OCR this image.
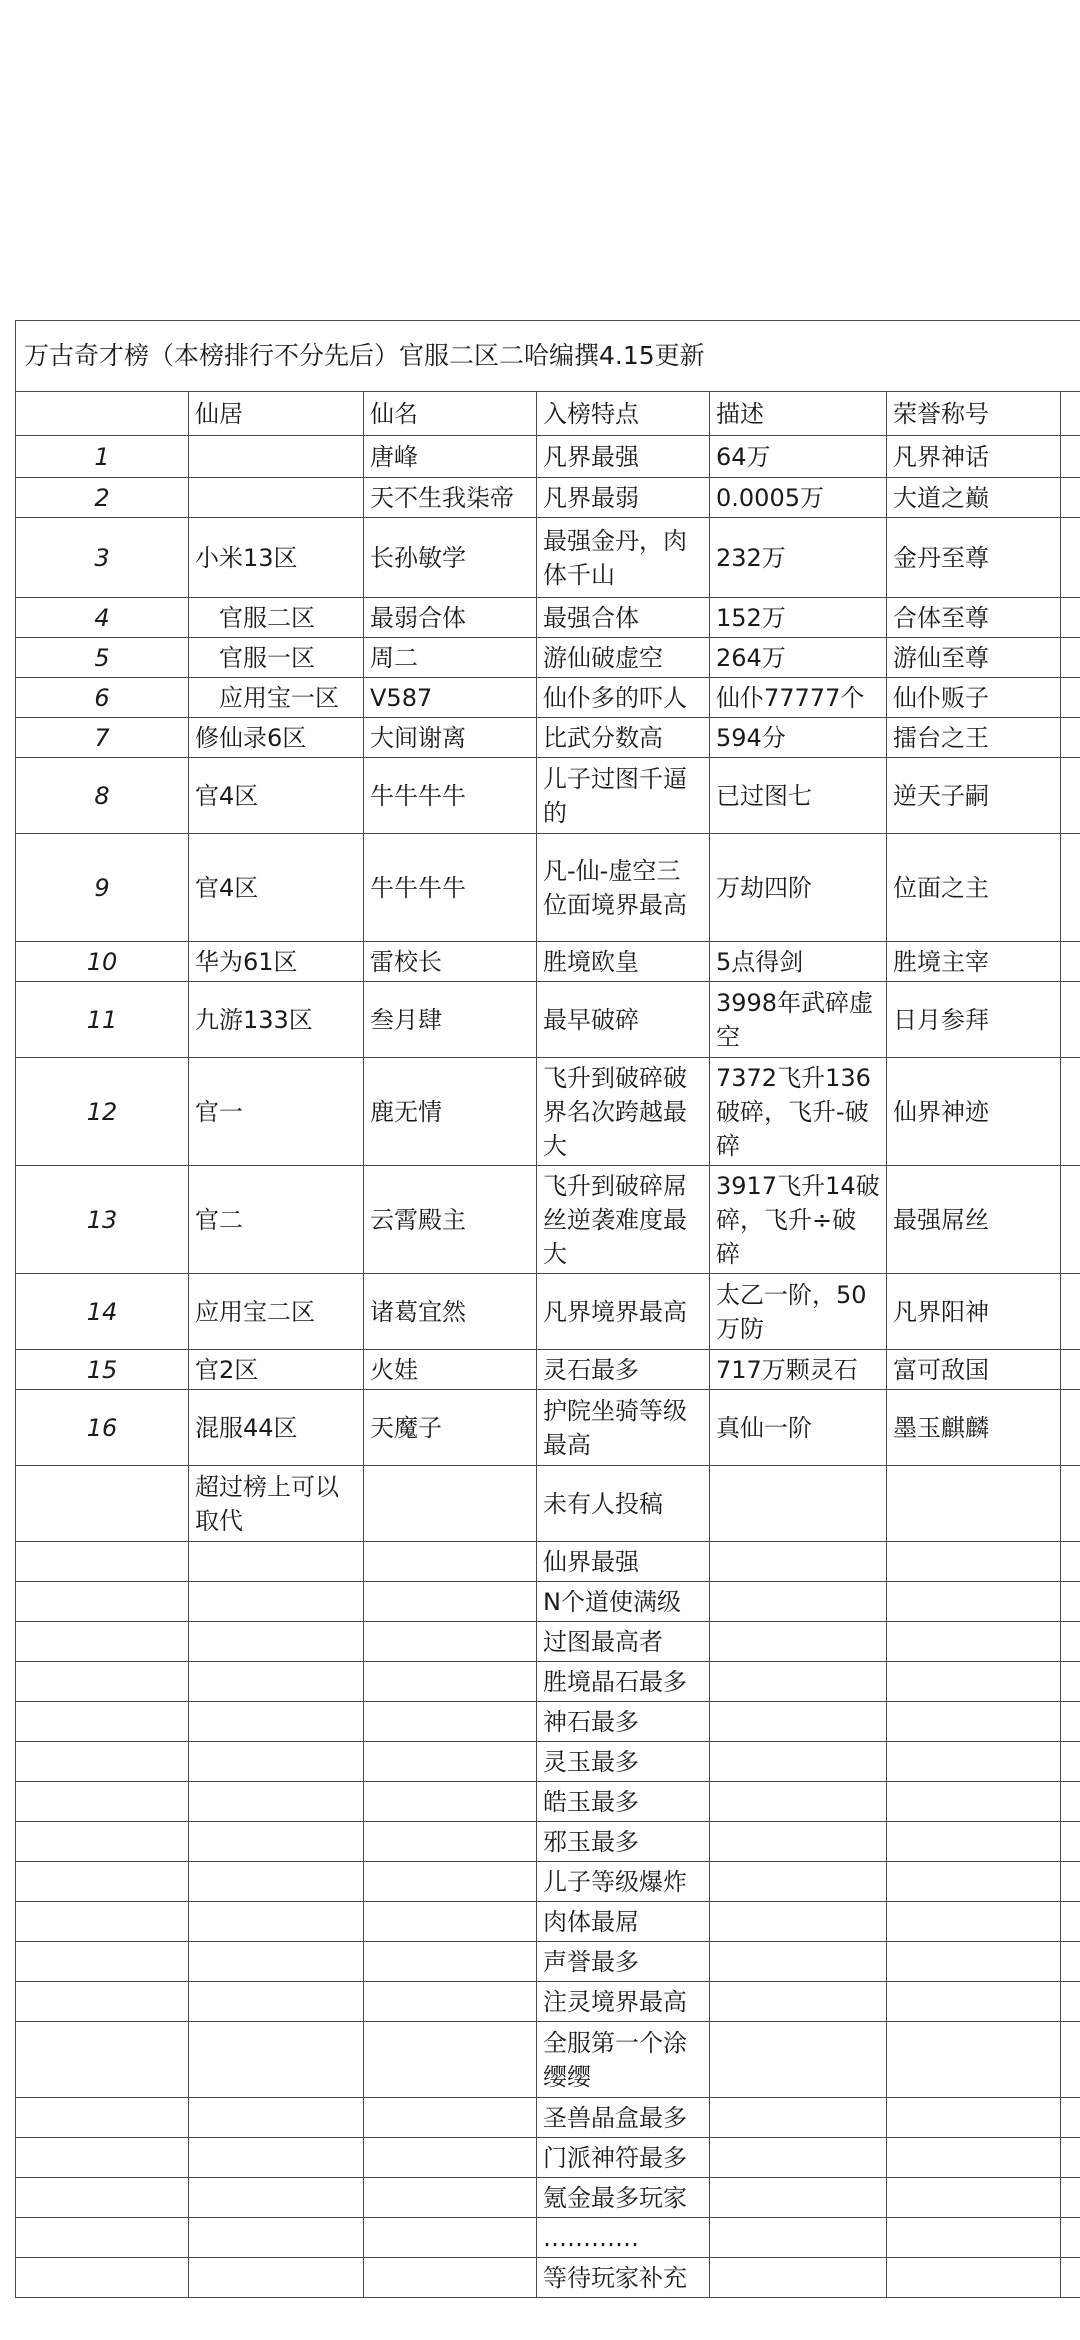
万古奇才榜（本榜排行不分先后）官服二区二哈编撰4.15更新						
	仙居	仙名	入榜特点	描述	荣誉称号	
1		唐峰	凡界最强	64万	凡界神话	
2		天不生我柒帝	凡界最弱	0.0005万	大道之巅	
3	小米13区	长孙敏学	最强金丹，肉体千山	232万	金丹至尊	
4	官服二区	最弱合体	最强合体	152万	合体至尊	
5	官服一区	周二	游仙破虚空	264万	游仙至尊	
6	应用宝一区	V587	仙仆多的吓人	仙仆77777个	仙仆贩子	
7	修仙录6区	大间谢离	比武分数高	594分	擂台之王	
8	官4区	牛牛牛牛	儿子过图千逼的	已过图七	逆天子嗣	
9	官4区	牛牛牛牛	凡-仙-虚空三位面境界最高	万劫四阶	位面之主	
10	华为61区	雷校长	胜境欧皇	5点得剑	胜境主宰	
11	九游133区	叁月肆	最早破碎	3998年武碎虚空	日月参拜	
12	官一	鹿无情	飞升到破碎破界名次跨越最大	7372飞升136破碎，飞升-破碎	仙界神迹	
13	官二	云霄殿主	飞升到破碎屌丝逆袭难度最大	3917飞升14破碎，飞升÷破碎	最强屌丝	
14	应用宝二区	诸葛宜然	凡界境界最高	太乙一阶，50万防	凡界阳神	
15	官2区	火娃	灵石最多	717万颗灵石	富可敌国	
16	混服44区	天魔子	护院坐骑等级最高	真仙一阶	墨玉麒麟	
	超过榜上可以取代		未有人投稿			
			仙界最强			
			N个道使满级			
			过图最高者			
			胜境晶石最多			
			神石最多			
			灵玉最多			
			皓玉最多			
			邪玉最多			
			儿子等级爆炸			
			肉体最屌			
			声誉最多			
			注灵境界最高			
			全服第一个涂缨缨			
			圣兽晶盒最多			
			门派神符最多			
			氪金最多玩家			
			…………			
			等待玩家补充			
